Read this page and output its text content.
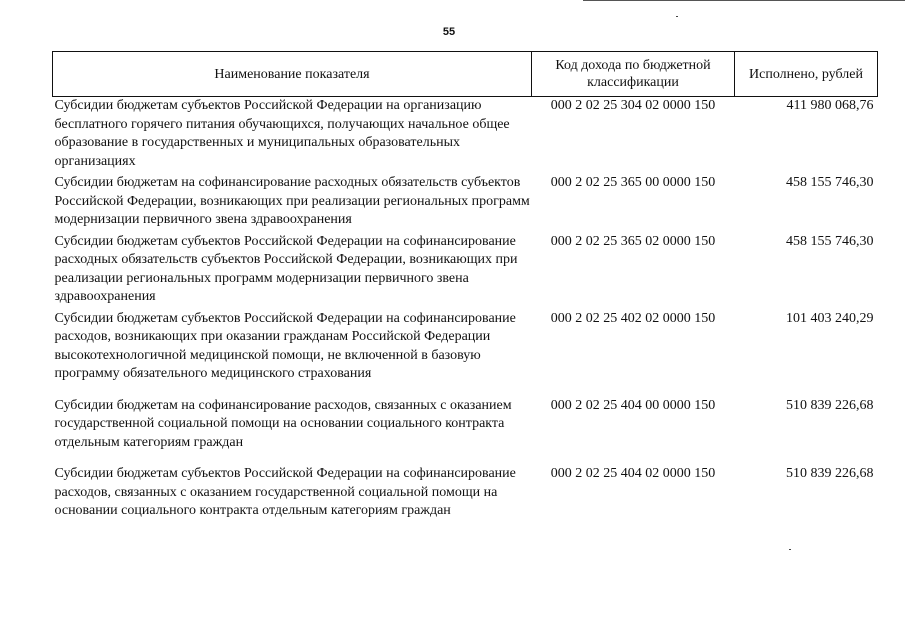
55
Наименование показателя	Код дохода по бюджетной классификации	Исполнено, рублей
Субсидии бюджетам субъектов Российской Федерации на организацию бесплатного горячего питания обучающихся, получающих начальное общее образование в государственных и муниципальных образовательных организациях	000 2 02 25 304 02 0000 150	411 980 068,76
Субсидии бюджетам на софинансирование расходных обязательств субъектов Российской Федерации, возникающих при реализации региональных программ модернизации первичного звена здравоохранения	000 2 02 25 365 00 0000 150	458 155 746,30
Субсидии бюджетам субъектов Российской Федерации на софинансирование расходных обязательств субъектов Российской Федерации, возникающих при реализации региональных программ модернизации первичного звена здравоохранения	000 2 02 25 365 02 0000 150	458 155 746,30
Субсидии бюджетам субъектов Российской Федерации на софинансирование расходов, возникающих при оказании гражданам Российской Федерации высокотехнологичной медицинской помощи, не включенной в базовую программу обязательного медицинского страхования	000 2 02 25 402 02 0000 150	101 403 240,29
Субсидии бюджетам на софинансирование расходов, связанных с оказанием государственной социальной помощи на основании социального контракта отдельным категориям граждан	000 2 02 25 404 00 0000 150	510 839 226,68
Субсидии бюджетам субъектов Российской Федерации на софинансирование расходов, связанных с оказанием государственной социальной помощи на основании социального контракта отдельным категориям граждан	000 2 02 25 404 02 0000 150	510 839 226,68
